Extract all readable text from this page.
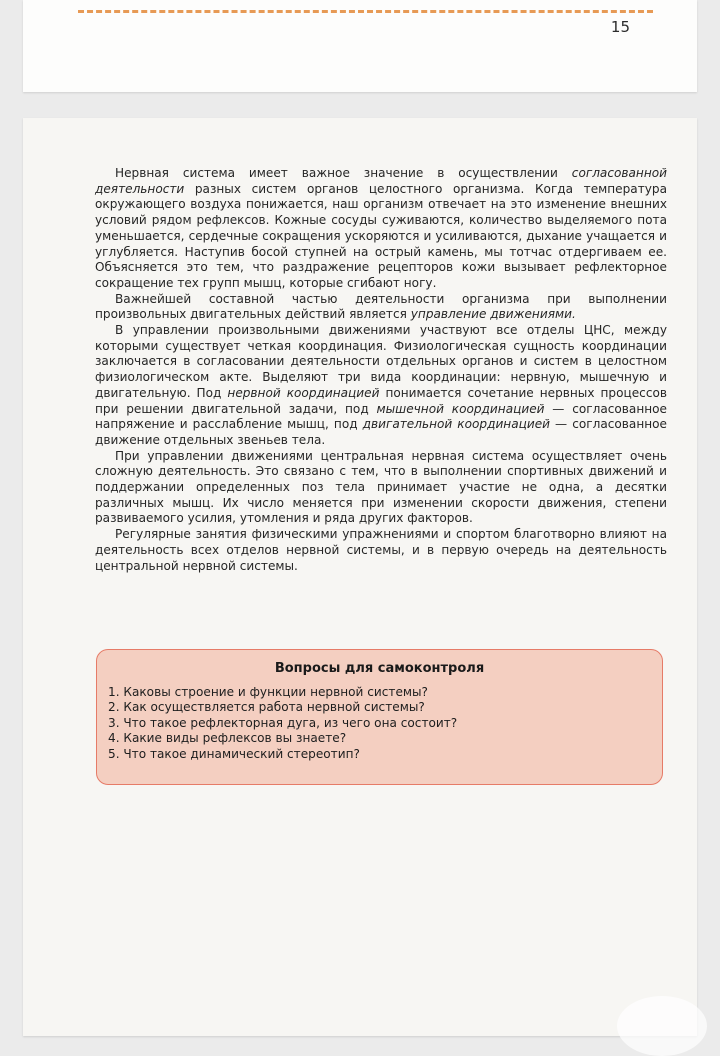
15

Нервная система имеет важное значение в осуществлении согласованной деятельности разных систем органов целостного организма. Когда температура окружающего воздуха понижается, наш организм отвечает на это изменение внешних условий рядом рефлексов. Кожные сосуды суживаются, количество выделяемого пота уменьшается, сердечные сокращения ускоряются и усиливаются, дыхание учащается и углубляется. Наступив босой ступней на острый камень, мы тотчас отдергиваем ее. Объясняется это тем, что раздражение рецепторов кожи вызывает рефлекторное сокращение тех групп мышц, которые сгибают ногу.

Важнейшей составной частью деятельности организма при выполнении произвольных двигательных действий является управление движениями.

В управлении произвольными движениями участвуют все отделы ЦНС, между которыми существует четкая координация. Физиологическая сущность координации заключается в согласовании деятельности отдельных органов и систем в целостном физиологическом акте. Выделяют три вида координации: нервную, мышечную и двигательную. Под нервной координацией понимается сочетание нервных процессов при решении двигательной задачи, под мышечной координацией — согласованное напряжение и расслабление мышц, под двигательной координацией — согласованное движение отдельных звеньев тела.

При управлении движениями центральная нервная система осуществляет очень сложную деятельность. Это связано с тем, что в выполнении спортивных движений и поддержании определенных поз тела принимает участие не одна, а десятки различных мышц. Их число меняется при изменении скорости движения, степени развиваемого усилия, утомления и ряда других факторов.

Регулярные занятия физическими упражнениями и спортом благотворно влияют на деятельность всех отделов нервной системы, и в первую очередь на деятельность центральной нервной системы.

Вопросы для самоконтроля
1. Каковы строение и функции нервной системы?
2. Как осуществляется работа нервной системы?
3. Что такое рефлекторная дуга, из чего она состоит?
4. Какие виды рефлексов вы знаете?
5. Что такое динамический стереотип?
